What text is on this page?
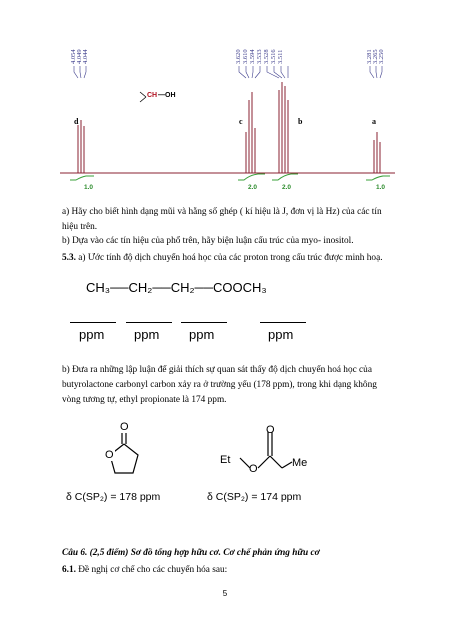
4.054 4.049 4.044	3.620 3.610 3.594 3.533 3.528 3.516 3.511	3.281 3.265 3.250
CH —OH
d	c	b	a
1.0	2.0	2.0	1.0
a) Hãy cho biết hình dạng mũi và hằng số ghép ( kí hiệu là J, đơn vị là Hz) của các tín hiệu trên.
b) Dựa vào các tín hiệu của phổ trên, hãy biện luận cấu trúc của myo- inositol.
5.3. a) Ước tính độ dịch chuyển hoá học của các proton trong cấu trúc được minh hoạ.
CH₃──CH₂──CH₂──COOCH₃
ppm ppm ppm	ppm
b) Đưa ra những lập luận để giải thích sự quan sát thấy độ dịch chuyển hoá học của butyrolactone carbonyl carbon xảy ra ở trường yếu (178 ppm), trong khi dạng không vòng tương tự, ethyl propionate là 174 ppm.
O
O
O
Et
O	Me
δ C(SP₂) = 178 ppm	δ C(SP₂) = 174 ppm
Câu 6. (2,5 điểm) Sơ đồ tổng hợp hữu cơ. Cơ chế phản ứng hữu cơ
6.1. Đề nghị cơ chế cho các chuyển hóa sau:
5
